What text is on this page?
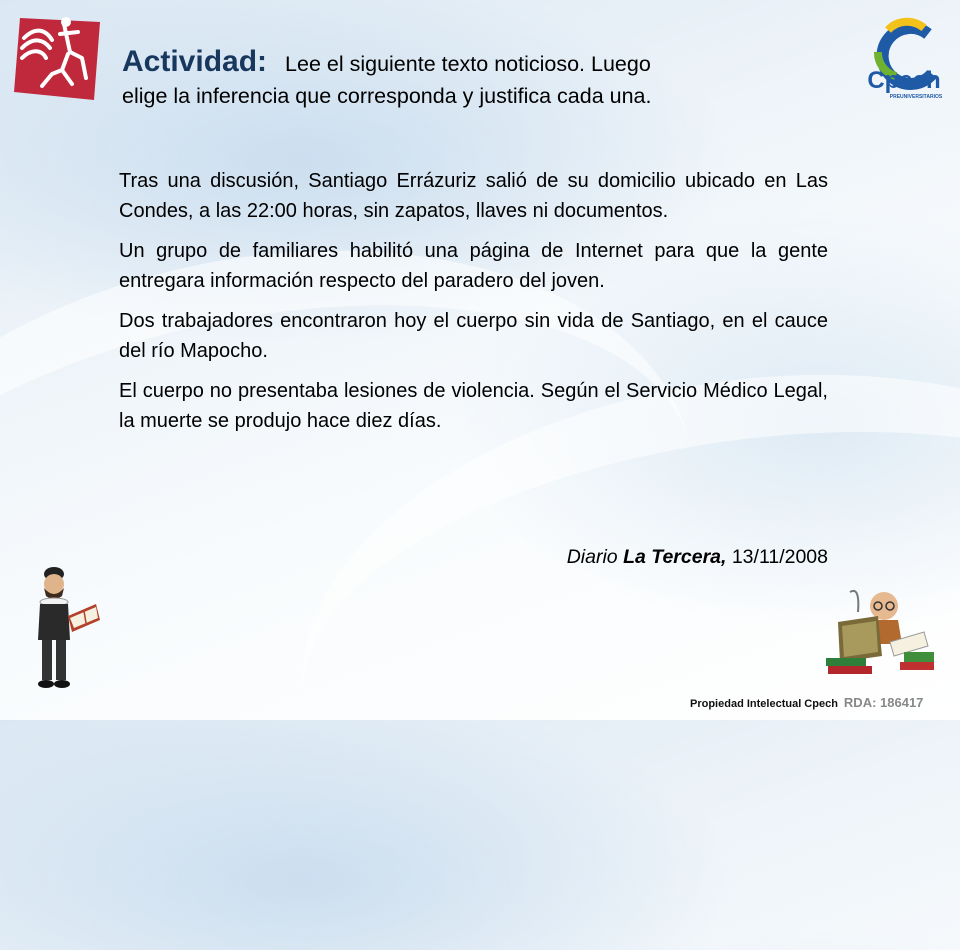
Cpech
PREUNIVERSITARIOS
Actividad: Lee el siguiente texto noticioso. Luego
elige la inferencia que corresponda y justifica cada una.

Tras una discusión, Santiago Errázuriz salió de su domicilio ubicado en Las Condes, a las 22:00 horas, sin zapatos, llaves ni documentos.

Un grupo de familiares habilitó una página de Internet para que la gente entregara información respecto del paradero del joven.

Dos trabajadores encontraron hoy el cuerpo sin vida de Santiago, en el cauce del río Mapocho.

El cuerpo no presentaba lesiones de violencia. Según el Servicio Médico Legal, la muerte se produjo hace diez días.

Diario La Tercera, 13/11/2008
Propiedad Intelectual Cpech RDA: 186417
